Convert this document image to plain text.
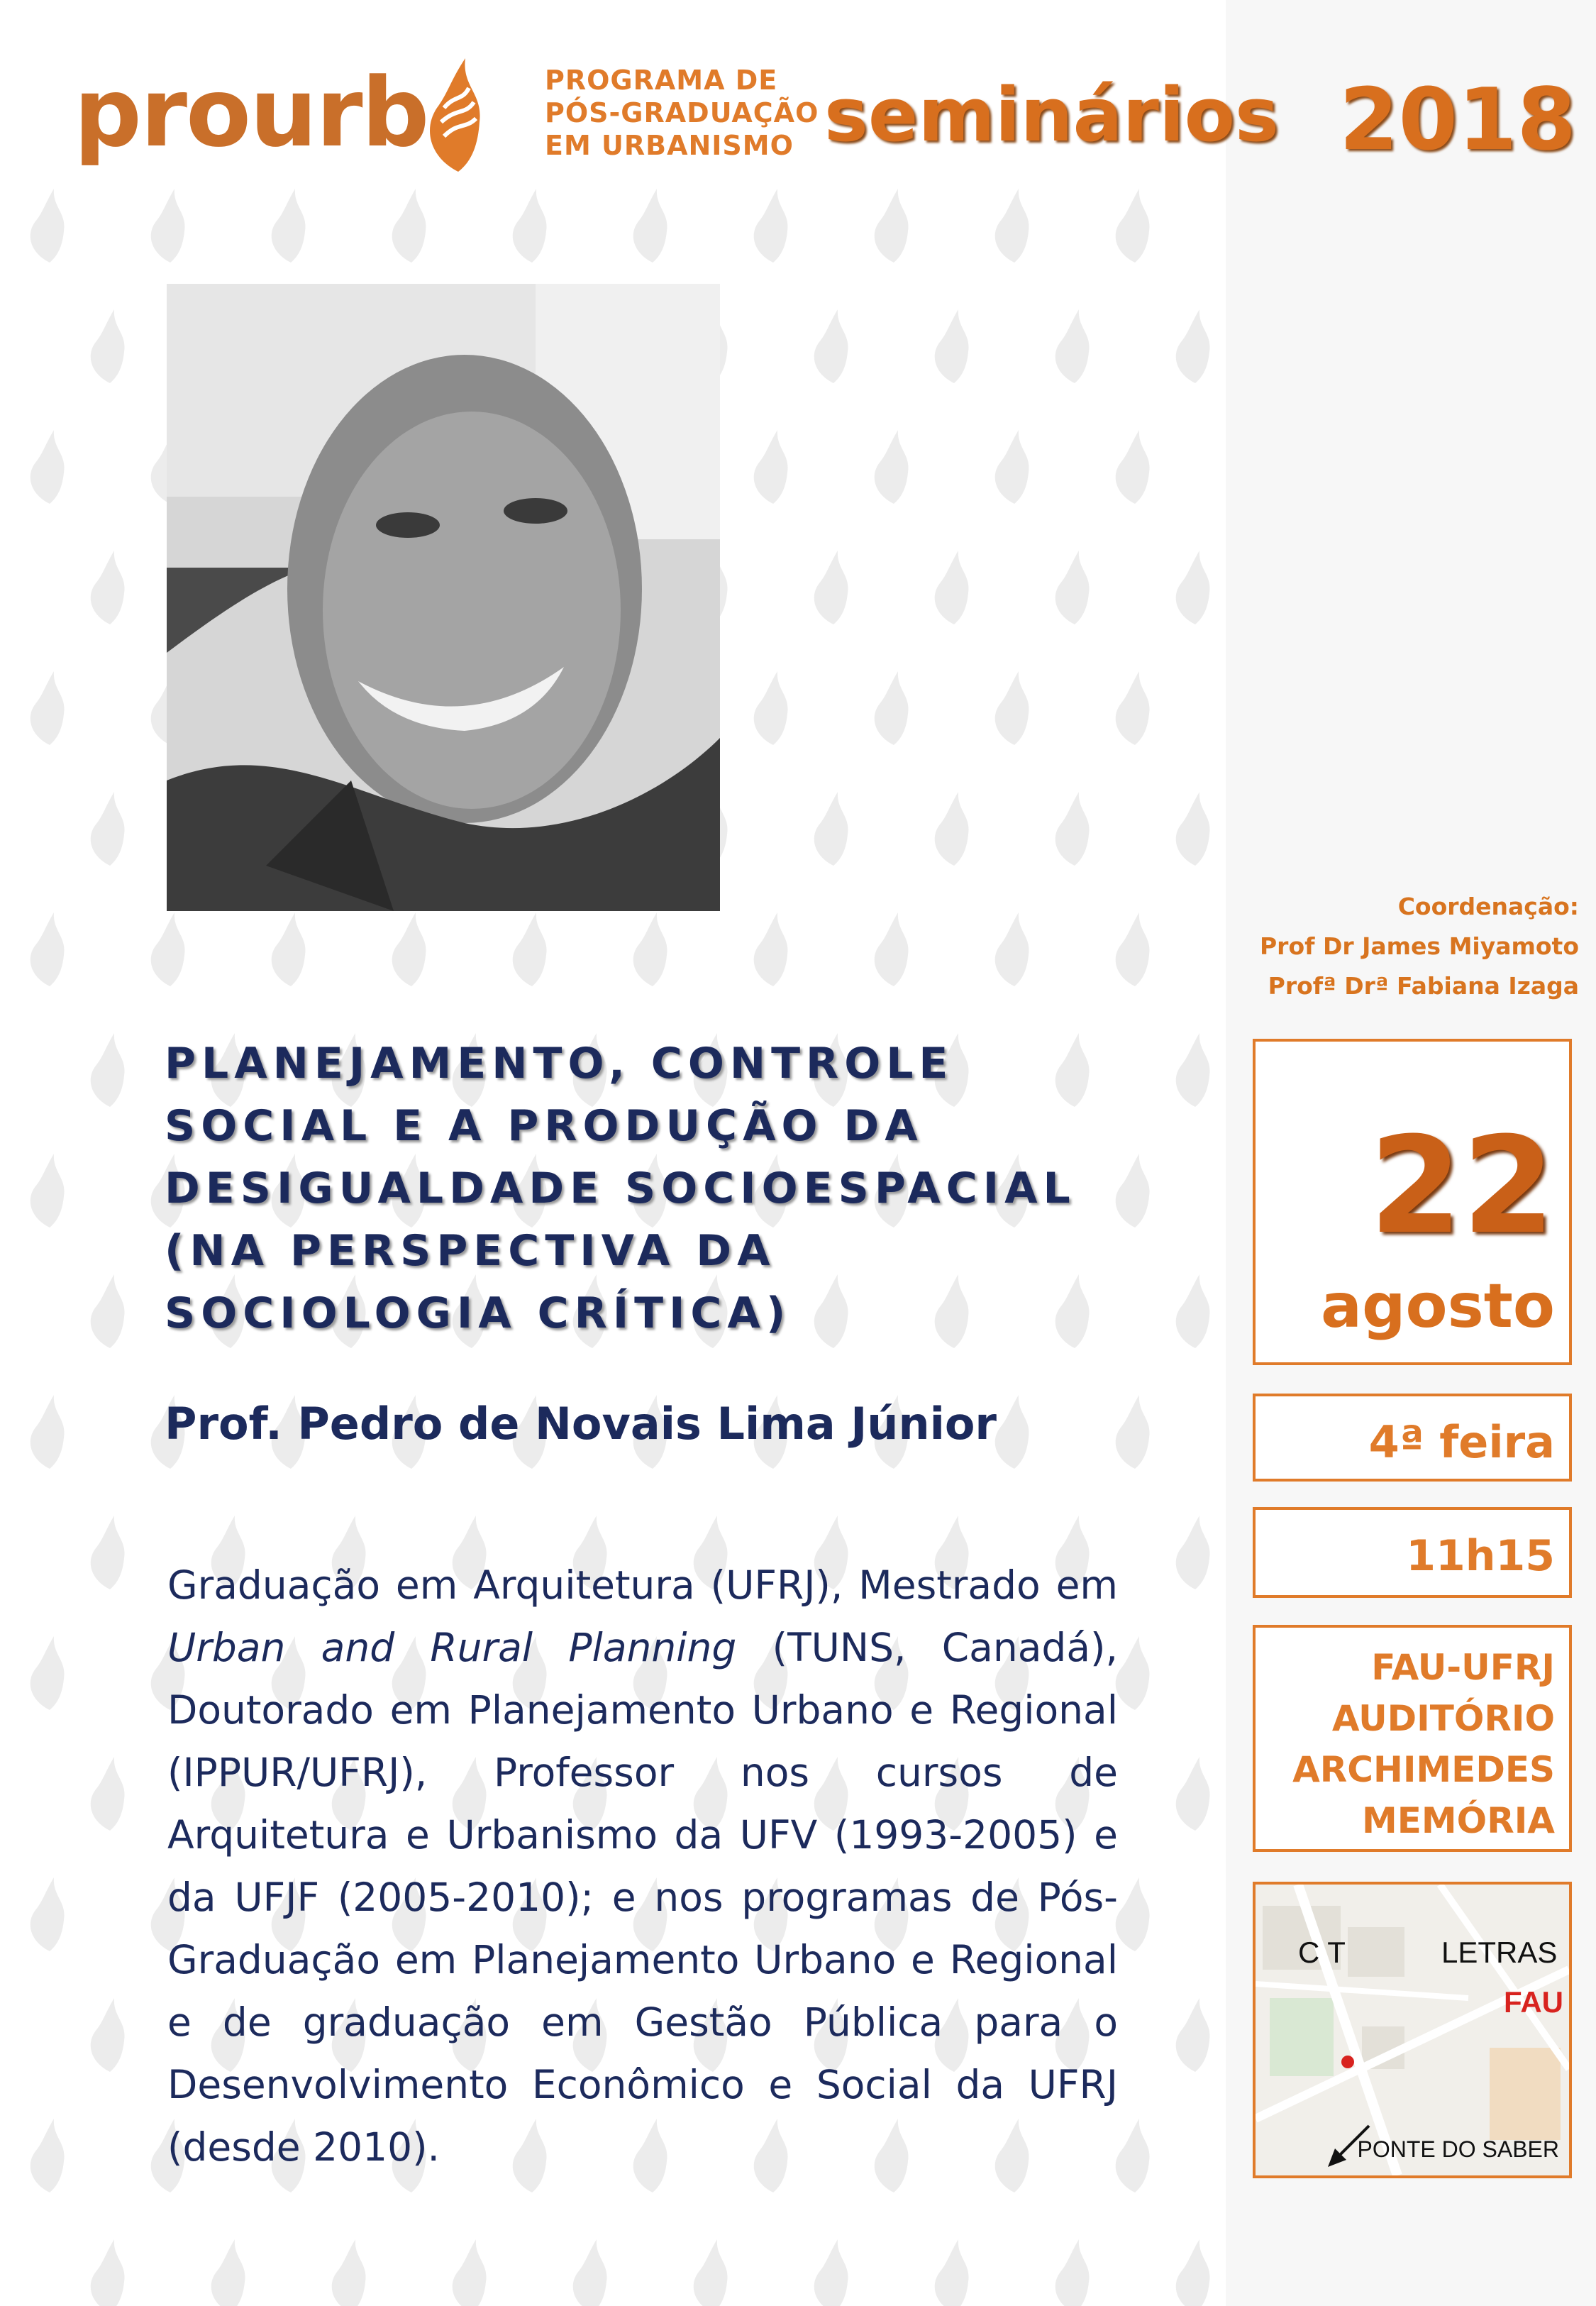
prourb	PROGRAMA DE
PÓS-GRADUAÇÃO
EM URBANISMO seminários 2018
PLANEJAMENTO, CONTROLE
SOCIAL E A PRODUÇÃO DA
DESIGUALDADE SOCIOESPACIAL
(NA PERSPECTIVA DA
SOCIOLOGIA CRÍTICA)
Prof. Pedro de Novais Lima Júnior
Graduação em Arquitetura (UFRJ), Mestrado em Urban and Rural Planning (TUNS, Canadá), Doutorado em Planejamento Urbano e Regional (IPPUR/UFRJ), Professor nos cursos de Arquitetura e Urbanismo da UFV (1993-2005) e da UFJF (2005-2010); e nos programas de Pós-Graduação em Planejamento Urbano e Regional e de graduação em Gestão Pública para o Desenvolvimento Econômico e Social da UFRJ (desde 2010).
Coordenação:
Prof Dr James Miyamoto
Profª Drª Fabiana Izaga
22
agosto
4ª feira
11h15
FAU-UFRJ
AUDITÓRIO
ARCHIMEDES
MEMÓRIA
C T	LETRAS
FAU
PONTE DO SABER
